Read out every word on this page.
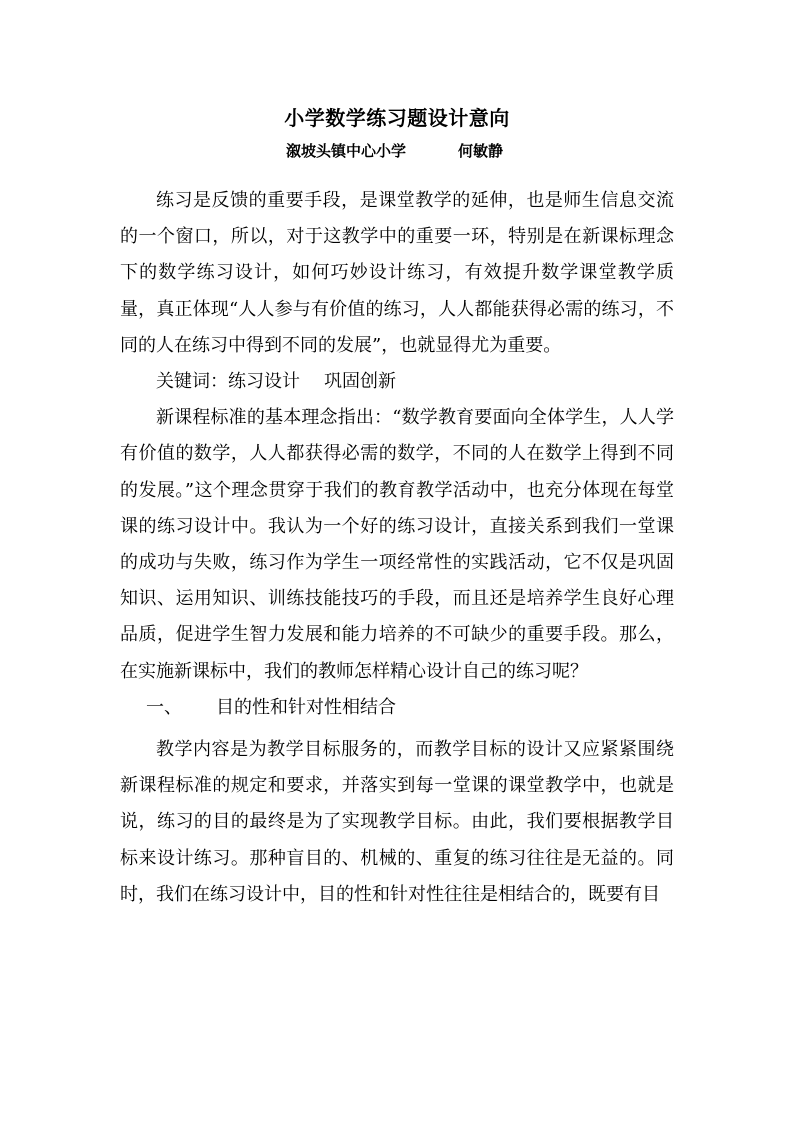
小学数学练习题设计意向
溆坡头镇中心小学	何敏静

练习是反馈的重要手段，是课堂教学的延伸，也是师生信息交流的一个窗口，所以，对于这教学中的重要一环，特别是在新课标理念下的数学练习设计，如何巧妙设计练习，有效提升数学课堂教学质量，真正体现“人人参与有价值的练习，人人都能获得必需的练习，不同的人在练习中得到不同的发展”，也就显得尤为重要。

关键词：练习设计 巩固创新

新课程标准的基本理念指出：“数学教育要面向全体学生，人人学有价值的数学，人人都获得必需的数学，不同的人在数学上得到不同的发展。”这个理念贯穿于我们的教育教学活动中，也充分体现在每堂课的练习设计中。我认为一个好的练习设计，直接关系到我们一堂课的成功与失败，练习作为学生一项经常性的实践活动，它不仅是巩固知识、运用知识、训练技能技巧的手段，而且还是培养学生良好心理品质，促进学生智力发展和能力培养的不可缺少的重要手段。那么，在实施新课标中，我们的教师怎样精心设计自己的练习呢？

一、 目的性和针对性相结合

教学内容是为教学目标服务的，而教学目标的设计又应紧紧围绕新课程标准的规定和要求，并落实到每一堂课的课堂教学中，也就是说，练习的目的最终是为了实现教学目标。由此，我们要根据教学目标来设计练习。那种盲目的、机械的、重复的练习往往是无益的。同时，我们在练习设计中，目的性和针对性往往是相结合的，既要有目
